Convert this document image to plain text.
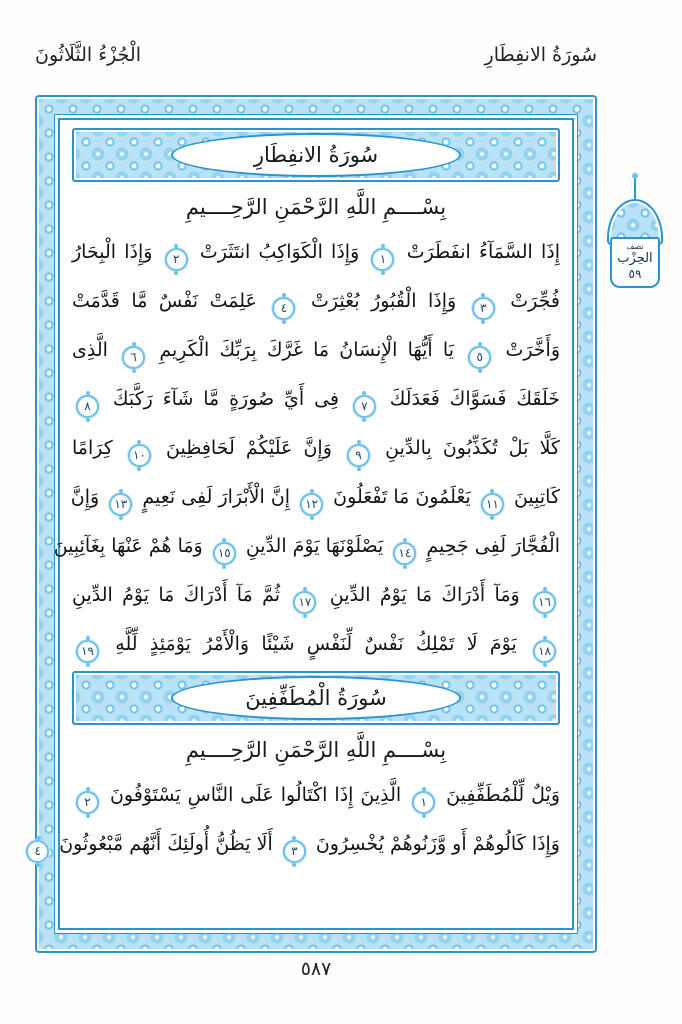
سُورَةُ الانفِطَارِ
الْجُزْءُ الثَّلَاثُونَ
نصف
الحِزْب
٥٩
سُورَةُ الانفِطَارِ
بِسْــــمِ اللَّهِ الرَّحْمَنِ الرَّحِــــيمِ
إِذَا السَّمَآءُ انفَطَرَتْ ١ وَإِذَا الْكَوَاكِبُ انتَثَرَتْ ٢ وَإِذَا الْبِحَارُ
فُجِّرَتْ ٣ وَإِذَا الْقُبُورُ بُعْثِرَتْ ٤ عَلِمَتْ نَفْسٌ مَّا قَدَّمَتْ
وَأَخَّرَتْ ٥ يَا أَيُّهَا الْإِنسَانُ مَا غَرَّكَ بِرَبِّكَ الْكَرِيمِ ٦ الَّذِى
خَلَقَكَ فَسَوَّاكَ فَعَدَلَكَ ٧ فِى أَيِّ صُورَةٍ مَّا شَآءَ رَكَّبَكَ ٨
كَلَّا بَلْ تُكَذِّبُونَ بِالدِّينِ ٩ وَإِنَّ عَلَيْكُمْ لَحَافِظِينَ ١٠ كِرَامًا
كَاتِبِينَ ١١ يَعْلَمُونَ مَا تَفْعَلُونَ ١٢ إِنَّ الْأَبْرَارَ لَفِى نَعِيمٍ ١٣ وَإِنَّ
الْفُجَّارَ لَفِى جَحِيمٍ ١٤ يَصْلَوْنَهَا يَوْمَ الدِّينِ ١٥ وَمَا هُمْ عَنْهَا بِغَآئِبِينَ
١٦ وَمَآ أَدْرَاكَ مَا يَوْمُ الدِّينِ ١٧ ثُمَّ مَآ أَدْرَاكَ مَا يَوْمُ الدِّينِ
١٨ يَوْمَ لَا تَمْلِكُ نَفْسٌ لِّنَفْسٍ شَيْئًا وَالْأَمْرُ يَوْمَئِذٍ لِّلَّهِ ١٩
سُورَةُ الْمُطَفِّفِينَ
بِسْــــمِ اللَّهِ الرَّحْمَنِ الرَّحِــــيمِ
وَيْلٌ لِّلْمُطَفِّفِينَ ١ الَّذِينَ إِذَا اكْتَالُوا عَلَى النَّاسِ يَسْتَوْفُونَ ٢
وَإِذَا كَالُوهُمْ أَو وَّزَنُوهُمْ يُخْسِرُونَ ٣ أَلَا يَظُنُّ أُولَئِكَ أَنَّهُم مَّبْعُوثُونَ ٤
٥٨٧
